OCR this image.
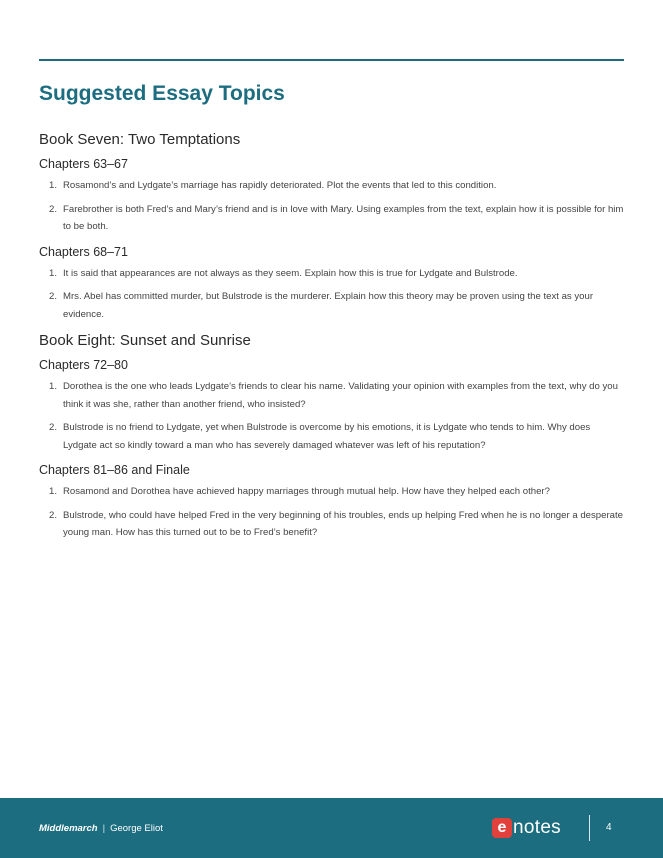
Suggested Essay Topics
Book Seven: Two Temptations
Chapters 63–67
1. Rosamond’s and Lydgate’s marriage has rapidly deteriorated. Plot the events that led to this condition.
2. Farebrother is both Fred’s and Mary’s friend and is in love with Mary. Using examples from the text, explain how it is possible for him to be both.
Chapters 68–71
1. It is said that appearances are not always as they seem. Explain how this is true for Lydgate and Bulstrode.
2. Mrs. Abel has committed murder, but Bulstrode is the murderer. Explain how this theory may be proven using the text as your evidence.
Book Eight: Sunset and Sunrise
Chapters 72–80
1. Dorothea is the one who leads Lydgate’s friends to clear his name. Validating your opinion with examples from the text, why do you think it was she, rather than another friend, who insisted?
2. Bulstrode is no friend to Lydgate, yet when Bulstrode is overcome by his emotions, it is Lydgate who tends to him. Why does Lydgate act so kindly toward a man who has severely damaged whatever was left of his reputation?
Chapters 81–86 and Finale
1. Rosamond and Dorothea have achieved happy marriages through mutual help. How have they helped each other?
2. Bulstrode, who could have helped Fred in the very beginning of his troubles, ends up helping Fred when he is no longer a desperate young man. How has this turned out to be to Fred’s benefit?
Middlemarch | George Eliot	e notes	4
